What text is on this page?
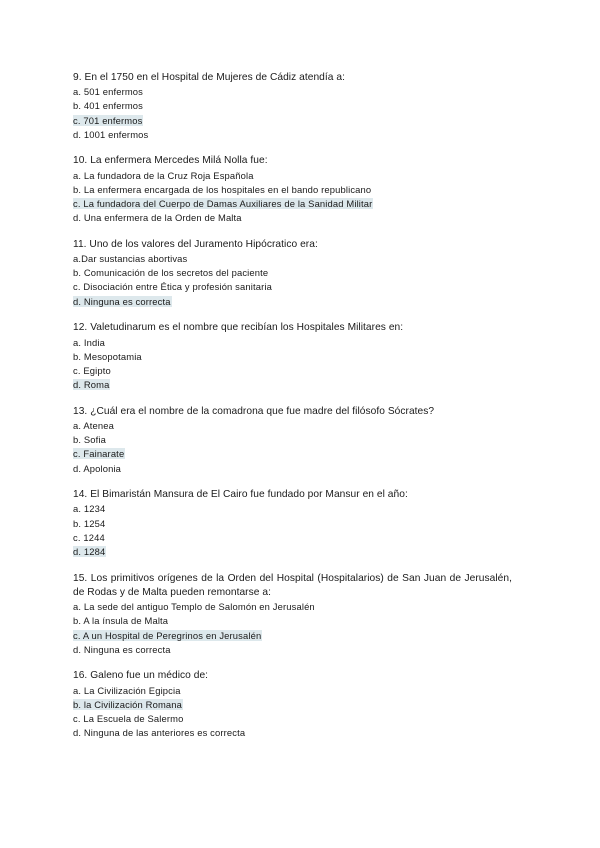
9. En el 1750 en el Hospital de Mujeres de Cádiz atendía a:
a. 501 enfermos
b. 401 enfermos
c. 701 enfermos
d. 1001 enfermos
10. La enfermera Mercedes Milá Nolla fue:
a. La fundadora de la Cruz Roja Española
b. La enfermera encargada de los hospitales en el bando republicano
c. La fundadora del Cuerpo de Damas Auxiliares de la Sanidad Militar
d. Una enfermera de la Orden de Malta
11. Uno de los valores del Juramento Hipócratico era:
a.Dar sustancias abortivas
b. Comunicación de los secretos del paciente
c. Disociación entre Ética y profesión sanitaria
d. Ninguna es correcta
12. Valetudinarum es el nombre que recibían los Hospitales Militares en:
a. India
b. Mesopotamia
c. Egipto
d. Roma
13. ¿Cuál era el nombre de la comadrona que fue madre del filósofo Sócrates?
a. Atenea
b. Sofia
c. Fainarate
d. Apolonia
14. El Bimaristán Mansura de El Cairo fue fundado por Mansur en el año:
a. 1234
b. 1254
c. 1244
d. 1284
15. Los primitivos orígenes de la Orden del Hospital (Hospitalarios) de San Juan de Jerusalén, de Rodas y de Malta pueden remontarse a:
a. La sede del antiguo Templo de Salomón en Jerusalén
b. A la ínsula de Malta
c. A un Hospital de Peregrinos en Jerusalén
d. Ninguna es correcta
16. Galeno fue un médico de:
a. La Civilización Egipcia
b. la Civilización Romana
c. La Escuela de Salermo
d. Ninguna de las anteriores es correcta
